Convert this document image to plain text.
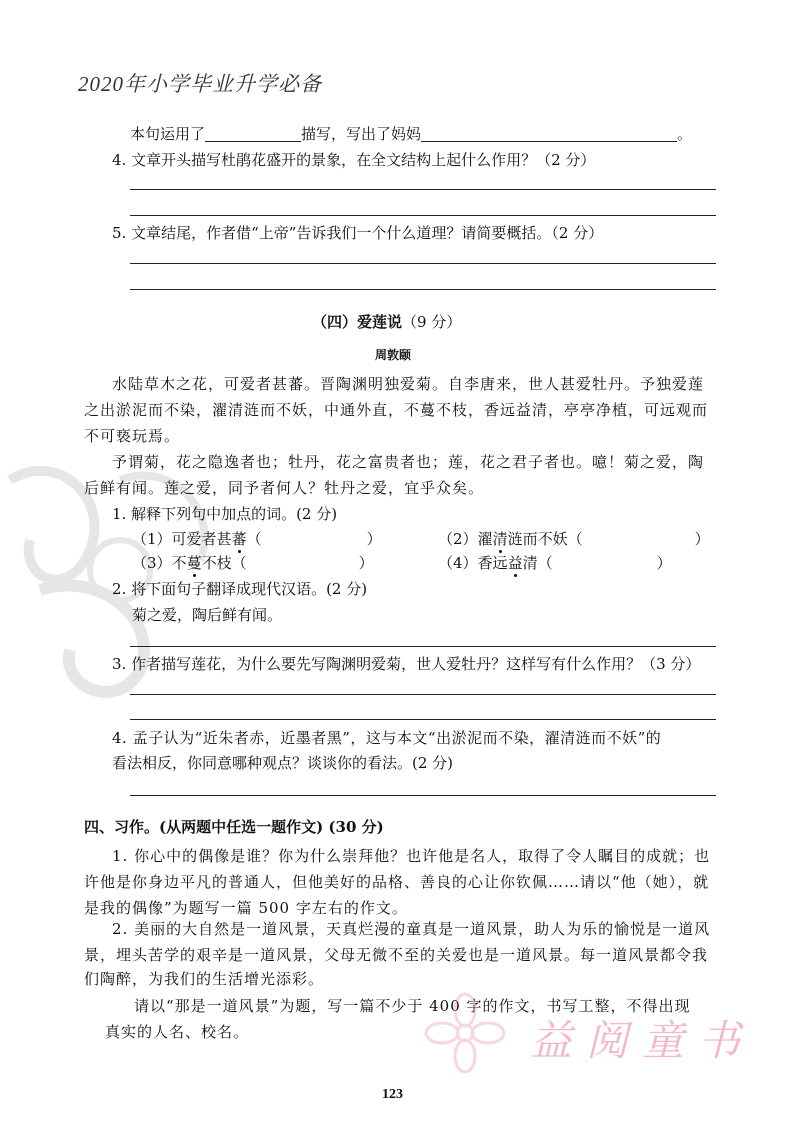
2020年小学毕业升学必备
本句运用了	描写，写出了妈妈	。
4. 文章开头描写杜鹃花盛开的景象，在全文结构上起什么作用？（2 分）
5. 文章结尾，作者借“上帝”告诉我们一个什么道理？请简要概括。（2 分）
（四）爱莲说（9 分）
周敦颐
水陆草木之花，可爱者甚蕃。晋陶渊明独爱菊。自李唐来，世人甚爱牡丹。予独爱莲
之出淤泥而不染，濯清涟而不妖，中通外直，不蔓不枝，香远益清，亭亭净植，可远观而
不可亵玩焉。
予谓菊，花之隐逸者也；牡丹，花之富贵者也；莲，花之君子者也。噫！菊之爱，陶
后鲜有闻。莲之爱，同予者何人？牡丹之爱，宜乎众矣。
1. 解释下列句中加点的词。(2 分)
（1）可爱者甚蕃（	）	（2）濯清涟而不妖（	）
（3）不蔓不枝（	）	（4）香远益清（	）
2. 将下面句子翻译成现代汉语。(2 分)
菊之爱，陶后鲜有闻。
3. 作者描写莲花，为什么要先写陶渊明爱菊，世人爱牡丹？这样写有什么作用？（3 分）
4. 孟子认为“近朱者赤，近墨者黑”，这与本文“出淤泥而不染，濯清涟而不妖”的
看法相反，你同意哪种观点？谈谈你的看法。(2 分)
四、习作。(从两题中任选一题作文) (30 分)
1. 你心中的偶像是谁？你为什么崇拜他？也许他是名人，取得了令人瞩目的成就；也
许他是你身边平凡的普通人，但他美好的品格、善良的心让你钦佩……请以“他（她），就
是我的偶像”为题写一篇 500 字左右的作文。
2. 美丽的大自然是一道风景，天真烂漫的童真是一道风景，助人为乐的愉悦是一道风
景，埋头苦学的艰辛是一道风景，父母无微不至的关爱也是一道风景。每一道风景都令我
们陶醉，为我们的生活增光添彩。
请以“那是一道风景”为题，写一篇不少于 400 字的作文，书写工整，不得出现
真实的人名、校名。	益阅童书
123
